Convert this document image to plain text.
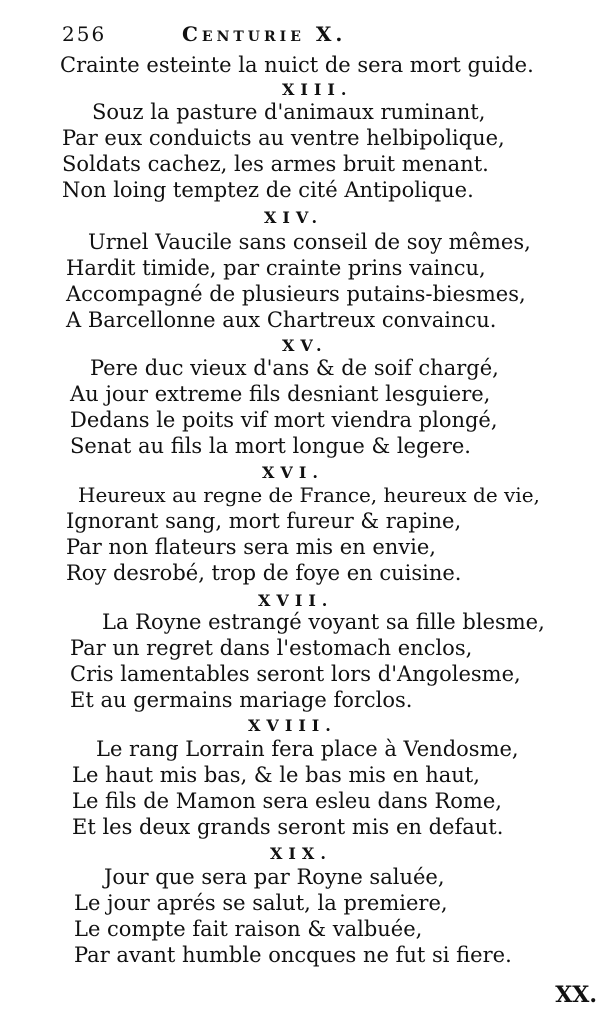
256	Centurie X.
Crainte esteinte la nuict de sera mort guide.
XIII.
Souz la pasture d'animaux ruminant,
Par eux conduicts au ventre helbipolique,
Soldats cachez, les armes bruit menant.
Non loing temptez de cité Antipolique.
XIV.
Urnel Vaucile sans conseil de soy mêmes,
Hardit timide, par crainte prins vaincu,
Accompagné de plusieurs putains-biesmes,
A Barcellonne aux Chartreux convaincu.
XV.
Pere duc vieux d'ans & de soif chargé,
Au jour extreme fils desniant lesguiere,
Dedans le poits vif mort viendra plongé,
Senat au fils la mort longue & legere.
XVI.
Heureux au regne de France, heureux de vie,
Ignorant sang, mort fureur & rapine,
Par non flateurs sera mis en envie,
Roy desrobé, trop de foye en cuisine.
XVII.
La Royne estrangé voyant sa fille blesme,
Par un regret dans l'estomach enclos,
Cris lamentables seront lors d'Angolesme,
Et au germains mariage forclos.
XVIII.
Le rang Lorrain fera place à Vendosme,
Le haut mis bas, & le bas mis en haut,
Le fils de Mamon sera esleu dans Rome,
Et les deux grands seront mis en defaut.
XIX.
Jour que sera par Royne saluée,
Le jour aprés se salut, la premiere,
Le compte fait raison & valbuée,
Par avant humble oncques ne fut si fiere.
XX.
